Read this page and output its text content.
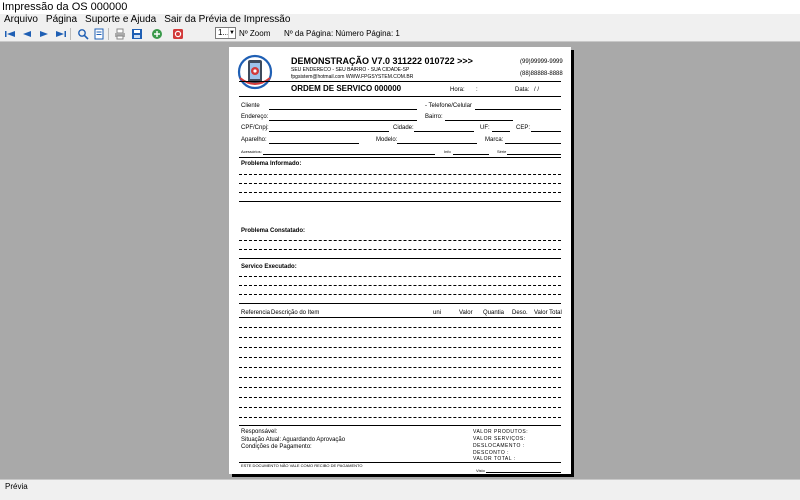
Impressão da OS 000000
Arquivo Página Suporte e Ajuda Sair da Prévia de Impressão
1... ▼ Nº Zoom Nº da Página: Número Página: 1
DEMONSTRAÇÃO V7.0 311222 010722 >>>
SEU ENDERECO - SEU BAIRRO - SUA CIDADE-SP
fpgsistem@hotmail.com WWW.FPGSYSTEM.COM.BR
(99)99999-9999
(88)88888-8888
ORDEM DE SERVICO 000000	Hora: :	Data: / /
Cliente	- Telefone/Celular
Endereço:	Bairro:
CPF/Cnpj:	Cidade:	UF:	CEP:
Aparelho:	Modelo:	Marca:
Acessórios:	Info	Série
Problema Informado:
Problema Constatado:
Servico Executado:
Referencia Descrição do Item	uni	Valor Quantia Deso. Valor Total
Responsável:
Situação Atual: Aguardando Aprovação
Condições de Pagamento:
VALOR PRODUTOS:
VALOR SERVIÇOS:
DESLOCAMENTO :
DESCONTO :
VALOR TOTAL :
ESTE DOCUMENTO NÃO VALE COMO RECIBO DE PAGAMENTO
Visto
Prévia
